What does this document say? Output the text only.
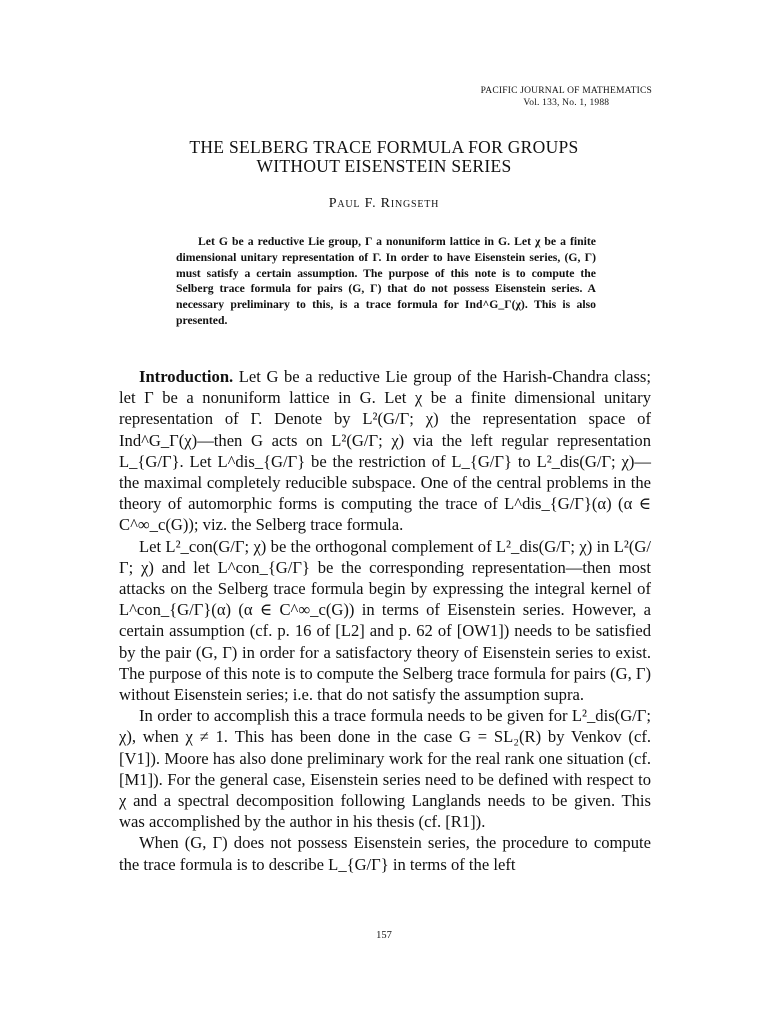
PACIFIC JOURNAL OF MATHEMATICS
Vol. 133, No. 1, 1988
THE SELBERG TRACE FORMULA FOR GROUPS
WITHOUT EISENSTEIN SERIES
Paul F. Ringseth
Let G be a reductive Lie group, Γ a nonuniform lattice in G. Let χ be a finite dimensional unitary representation of Γ. In order to have Eisenstein series, (G, Γ) must satisfy a certain assumption. The purpose of this note is to compute the Selberg trace formula for pairs (G, Γ) that do not possess Eisenstein series. A necessary preliminary to this, is a trace formula for Ind^G_Γ(χ). This is also presented.

Introduction. Let G be a reductive Lie group of the Harish-Chandra class; let Γ be a nonuniform lattice in G. Let χ be a finite dimensional unitary representation of Γ. Denote by L²(G/Γ; χ) the representation space of Ind^G_Γ(χ)—then G acts on L²(G/Γ; χ) via the left regular representation L_{G/Γ}. Let L^dis_{G/Γ} be the restriction of L_{G/Γ} to L²_dis(G/Γ; χ)—the maximal completely reducible subspace. One of the central problems in the theory of automorphic forms is computing the trace of L^dis_{G/Γ}(α) (α ∈ C^∞_c(G)); viz. the Selberg trace formula.

Let L²_con(G/Γ; χ) be the orthogonal complement of L²_dis(G/Γ; χ) in L²(G/Γ; χ) and let L^con_{G/Γ} be the corresponding representation—then most attacks on the Selberg trace formula begin by expressing the integral kernel of L^con_{G/Γ}(α) (α ∈ C^∞_c(G)) in terms of Eisenstein series. However, a certain assumption (cf. p. 16 of [L2] and p. 62 of [OW1]) needs to be satisfied by the pair (G, Γ) in order for a satisfactory theory of Eisenstein series to exist. The purpose of this note is to compute the Selberg trace formula for pairs (G, Γ) without Eisenstein series; i.e. that do not satisfy the assumption supra.

In order to accomplish this a trace formula needs to be given for L²_dis(G/Γ; χ), when χ ≠ 1. This has been done in the case G = SL₂(R) by Venkov (cf. [V1]). Moore has also done preliminary work for the real rank one situation (cf. [M1]). For the general case, Eisenstein series need to be defined with respect to χ and a spectral decomposition following Langlands needs to be given. This was accomplished by the author in his thesis (cf. [R1]).

When (G, Γ) does not possess Eisenstein series, the procedure to compute the trace formula is to describe L_{G/Γ} in terms of the left

157
